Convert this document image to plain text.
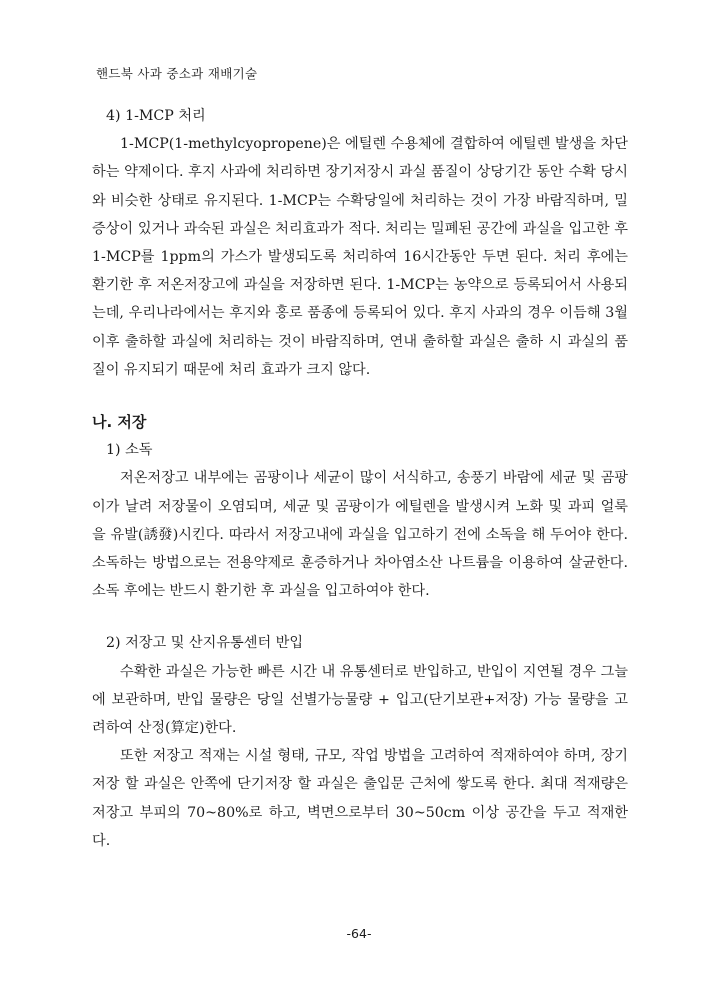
핸드북 사과 중소과 재배기술

4) 1-MCP 처리

1-MCP(1-methylcyopropene)은 에틸렌 수용체에 결합하여 에틸렌 발생을 차단하는 약제이다. 후지 사과에 처리하면 장기저장시 과실 품질이 상당기간 동안 수확 당시와 비슷한 상태로 유지된다. 1-MCP는 수확당일에 처리하는 것이 가장 바람직하며, 밀 증상이 있거나 과숙된 과실은 처리효과가 적다. 처리는 밀폐된 공간에 과실을 입고한 후 1-MCP를 1ppm의 가스가 발생되도록 처리하여 16시간동안 두면 된다. 처리 후에는 환기한 후 저온저장고에 과실을 저장하면 된다. 1-MCP는 농약으로 등록되어서 사용되는데, 우리나라에서는 후지와 홍로 품종에 등록되어 있다. 후지 사과의 경우 이듬해 3월 이후 출하할 과실에 처리하는 것이 바람직하며, 연내 출하할 과실은 출하 시 과실의 품질이 유지되기 때문에 처리 효과가 크지 않다.

나. 저장

1) 소독

저온저장고 내부에는 곰팡이나 세균이 많이 서식하고, 송풍기 바람에 세균 및 곰팡이가 날려 저장물이 오염되며, 세균 및 곰팡이가 에틸렌을 발생시켜 노화 및 과피 얼룩을 유발(誘發)시킨다. 따라서 저장고내에 과실을 입고하기 전에 소독을 해 두어야 한다. 소독하는 방법으로는 전용약제로 훈증하거나 차아염소산 나트륨을 이용하여 살균한다. 소독 후에는 반드시 환기한 후 과실을 입고하여야 한다.

2) 저장고 및 산지유통센터 반입

수확한 과실은 가능한 빠른 시간 내 유통센터로 반입하고, 반입이 지연될 경우 그늘에 보관하며, 반입 물량은 당일 선별가능물량 + 입고(단기보관+저장) 가능 물량을 고려하여 산정(算定)한다.

또한 저장고 적재는 시설 형태, 규모, 작업 방법을 고려하여 적재하여야 하며, 장기저장 할 과실은 안쪽에 단기저장 할 과실은 출입문 근처에 쌓도록 한다. 최대 적재량은 저장고 부피의 70~80%로 하고, 벽면으로부터 30~50cm 이상 공간을 두고 적재한다.

-64-
